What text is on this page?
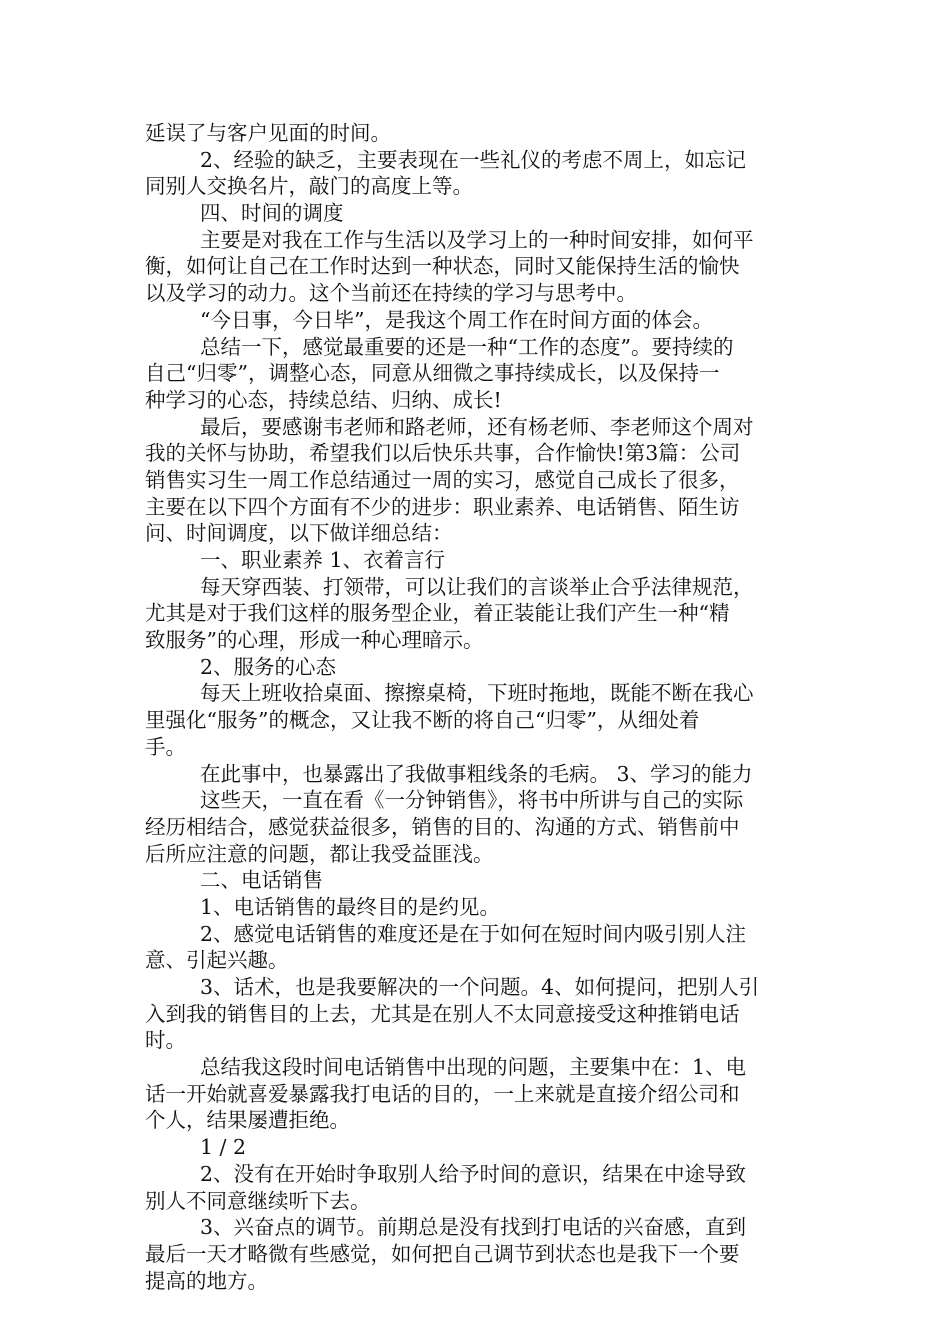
延误了与客户见面的时间。
2、经验的缺乏，主要表现在一些礼仪的考虑不周上，如忘记
同别人交换名片，敲门的高度上等。
四、时间的调度
主要是对我在工作与生活以及学习上的一种时间安排，如何平
衡，如何让自己在工作时达到一种状态，同时又能保持生活的愉快
以及学习的动力。这个当前还在持续的学习与思考中。
“今日事，今日毕”，是我这个周工作在时间方面的体会。
总结一下，感觉最重要的还是一种“工作的态度”。要持续的
自己“归零”，调整心态，同意从细微之事持续成长，以及保持一
种学习的心态，持续总结、归纳、成长!
最后，要感谢韦老师和路老师，还有杨老师、李老师这个周对
我的关怀与协助，希望我们以后快乐共事，合作愉快!第3篇：公司
销售实习生一周工作总结通过一周的实习，感觉自己成长了很多，
主要在以下四个方面有不少的进步：职业素养、电话销售、陌生访
问、时间调度，以下做详细总结：
一、职业素养 1、衣着言行
每天穿西装、打领带，可以让我们的言谈举止合乎法律规范，
尤其是对于我们这样的服务型企业，着正装能让我们产生一种“精
致服务”的心理，形成一种心理暗示。
2、服务的心态
每天上班收拾桌面、擦擦桌椅，下班时拖地，既能不断在我心
里强化“服务”的概念，又让我不断的将自己“归零”，从细处着
手。
在此事中，也暴露出了我做事粗线条的毛病。 3、学习的能力
这些天，一直在看《一分钟销售》，将书中所讲与自己的实际
经历相结合，感觉获益很多，销售的目的、沟通的方式、销售前中
后所应注意的问题，都让我受益匪浅。
二、电话销售
1、电话销售的最终目的是约见。
2、感觉电话销售的难度还是在于如何在短时间内吸引别人注
意、引起兴趣。
3、话术，也是我要解决的一个问题。4、如何提问，把别人引
入到我的销售目的上去，尤其是在别人不太同意接受这种推销电话
时。
总结我这段时间电话销售中出现的问题，主要集中在：1、电
话一开始就喜爱暴露我打电话的目的，一上来就是直接介绍公司和
个人，结果屡遭拒绝。
1 / 2
2、没有在开始时争取别人给予时间的意识，结果在中途导致
别人不同意继续听下去。
3、兴奋点的调节。前期总是没有找到打电话的兴奋感，直到
最后一天才略微有些感觉，如何把自己调节到状态也是我下一个要
提高的地方。
